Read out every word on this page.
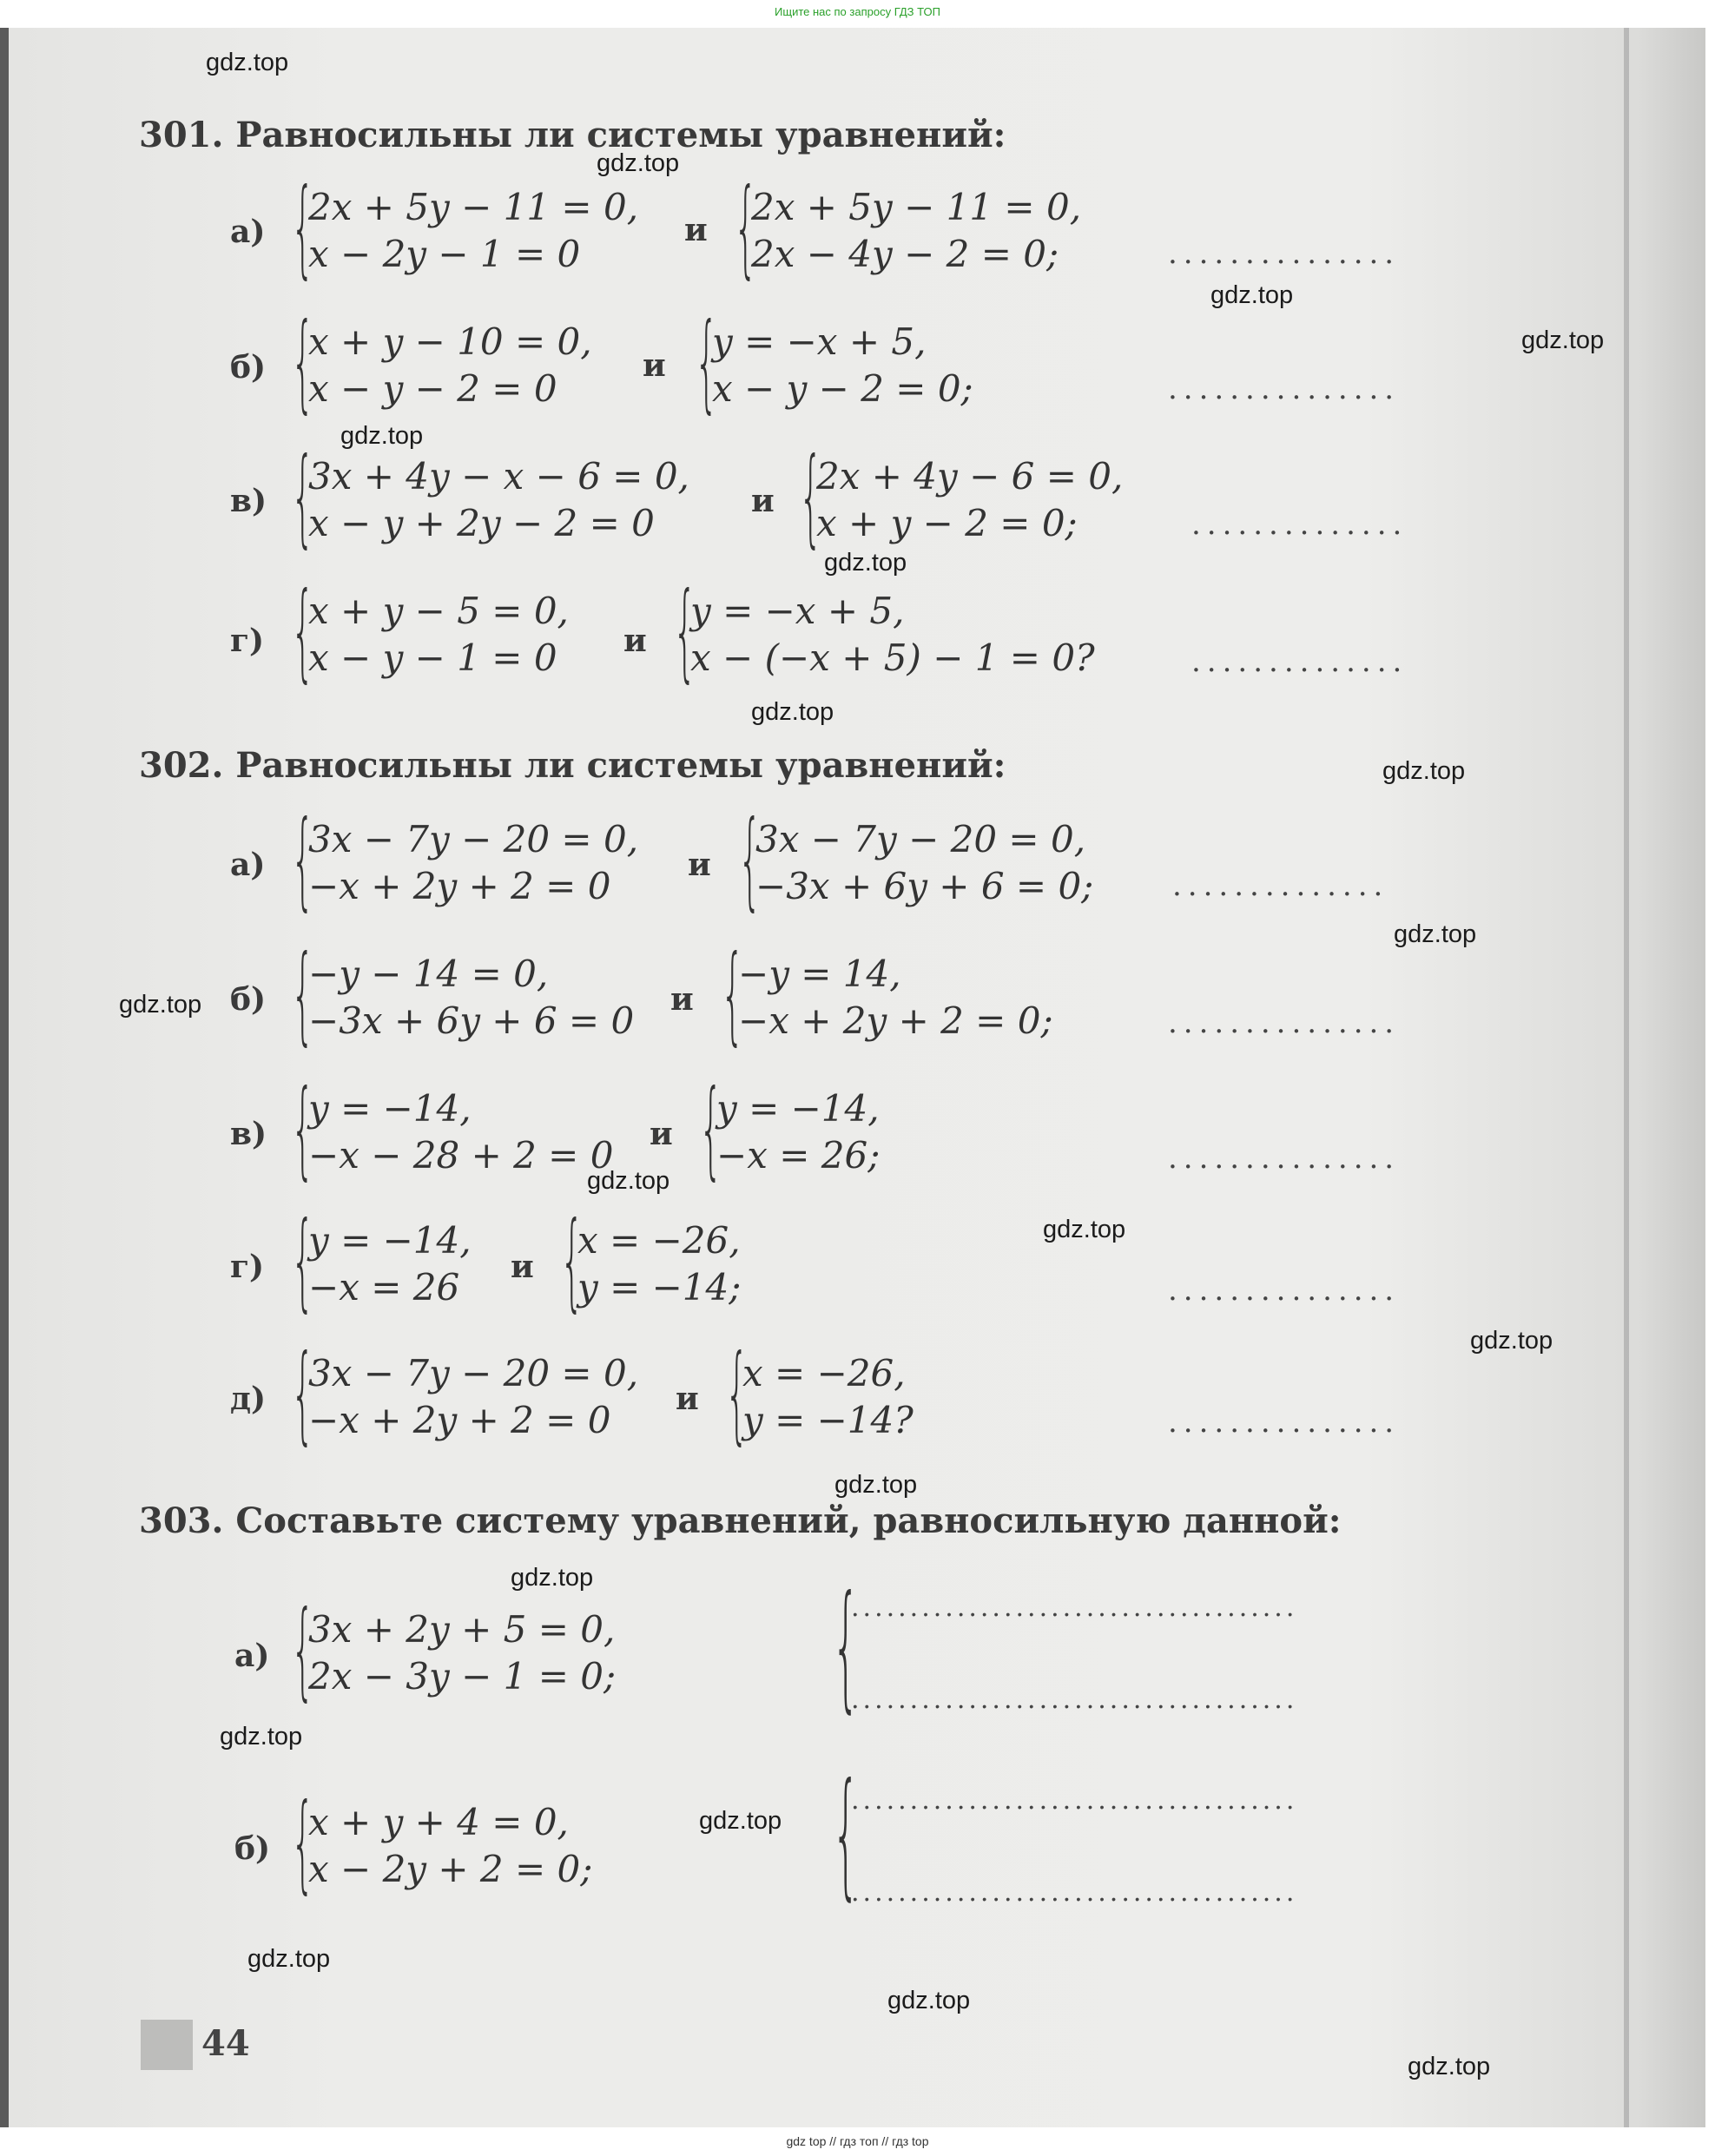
Ищите нас по запросу ГДЗ ТОП
301. Равносильны ли системы уравнений:
а) {
2x + 5y − 11 = 0,
x − 2y − 1 = 0
и {
2x + 5y − 11 = 0,
2x − 4y − 2 = 0;	...............
б) {
x + y − 10 = 0,
x − y − 2 = 0
и {
y = −x + 5,
x − y − 2 = 0;	...............
в) {
3x + 4y − x − 6 = 0,
x − y + 2y − 2 = 0
и {
2x + 4y − 6 = 0,
x + y − 2 = 0;	..............
г) {
x + y − 5 = 0,
x − y − 1 = 0 и {
y = −x + 5,
x − (−x + 5) − 1 = 0?	..............
302. Равносильны ли системы уравнений:
а) {
3x − 7y − 20 = 0,
−x + 2y + 2 = 0 и {
3x − 7y − 20 = 0,
−3x + 6y + 6 = 0;	..............
б) {
−y − 14 = 0,
−3x + 6y + 6 = 0 и {
−y = 14,
−x + 2y + 2 = 0;	...............
в) {
y = −14,
−x − 28 + 2 = 0 и {
y = −14,
−x = 26;	...............
г) {
y = −14,
−x = 26 и {
x = −26,
y = −14;	...............
д) {
3x − 7y − 20 = 0,
−x + 2y + 2 = 0 и {
x = −26,
y = −14?	...............
303. Составьте систему уравнений, равносильную данной:
а) {
3x + 2y + 5 = 0,
2x − 3y − 1 = 0; {
......................................
......................................
б) {
x + y + 4 = 0,
x − 2y + 2 = 0; {
......................................
......................................
44
gdz.top
gdz.top
gdz.top
gdz.top
gdz.top
gdz.top
gdz.top
gdz.top
gdz.top
gdz.top
gdz.top
gdz.top
gdz.top
gdz.top
gdz.top
gdz.top
gdz.top
gdz.top
gdz.top
gdz.top
gdz top // гдз топ // гдз top
